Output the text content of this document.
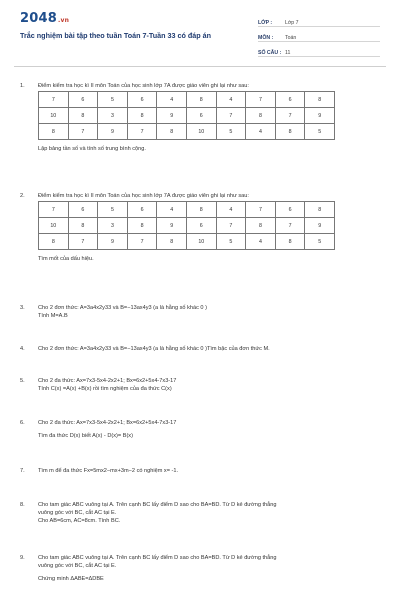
2048.vn
Trắc nghiệm bài tập theo tuần Toán 7-Tuần 33 có đáp án
LỚP :	Lớp 7
MÔN :	Toán
SỐ CÂU : 11
1. Điểm kiểm tra học kì II môn Toán của học sinh lớp 7A được giáo viên ghi lại như sau:
7	6	5	6	4	8	4	7	6	8
10	8	3	8	9	6	7	8	7	9
8	7	9	7	8	10	5	4	8	5
Lập bảng tần số và tính số trung bình cộng.
2. Điểm kiểm tra học kì II môn Toán của học sinh lớp 7A được giáo viên ghi lại như sau:
7	6	5	6	4	8	4	7	6	8
10	8	3	8	9	6	7	8	7	9
8	7	9	7	8	10	5	4	8	5
Tìm mốt của dấu hiệu.
3. Cho 2 đơn thức: A=3a4x2y33 và B=−13ax4y3 (a là hằng số khác 0 )
Tính M=A.B
4. Cho 2 đơn thức: A=3a4x2y33 và B=−13ax4y3 (a là hằng số khác 0 )Tìm bậc của đơn thức M.
5. Cho 2 đa thức: Ax=7x3-5x4-2x2+1; Bx=6x2+5x4-7x3-17
Tính C(x) =A(x) +B(x) rồi tìm nghiệm của đa thức C(x)
6. Cho 2 đa thức: Ax=7x3-5x4-2x2+1; Bx=6x2+5x4-7x3-17
Tìm đa thức D(x) biết A(x) - D(x)= B(x)
7. Tìm m để đa thức Fx=5mx2−mx+3m−2 có nghiệm x= -1.
8. Cho tam giác ABC vuông tại A. Trên cạnh BC lấy điểm D sao cho BA=BD. Từ D kẻ đường thẳng
vuông góc với BC, cắt AC tại E.
Cho AB=6cm, AC=8cm. Tính BC.
9. Cho tam giác ABC vuông tại A. Trên cạnh BC lấy điểm D sao cho BA=BD. Từ D kẻ đường thẳng
vuông góc với BC, cắt AC tại E.
Chứng minh ΔABE=ΔDBE
